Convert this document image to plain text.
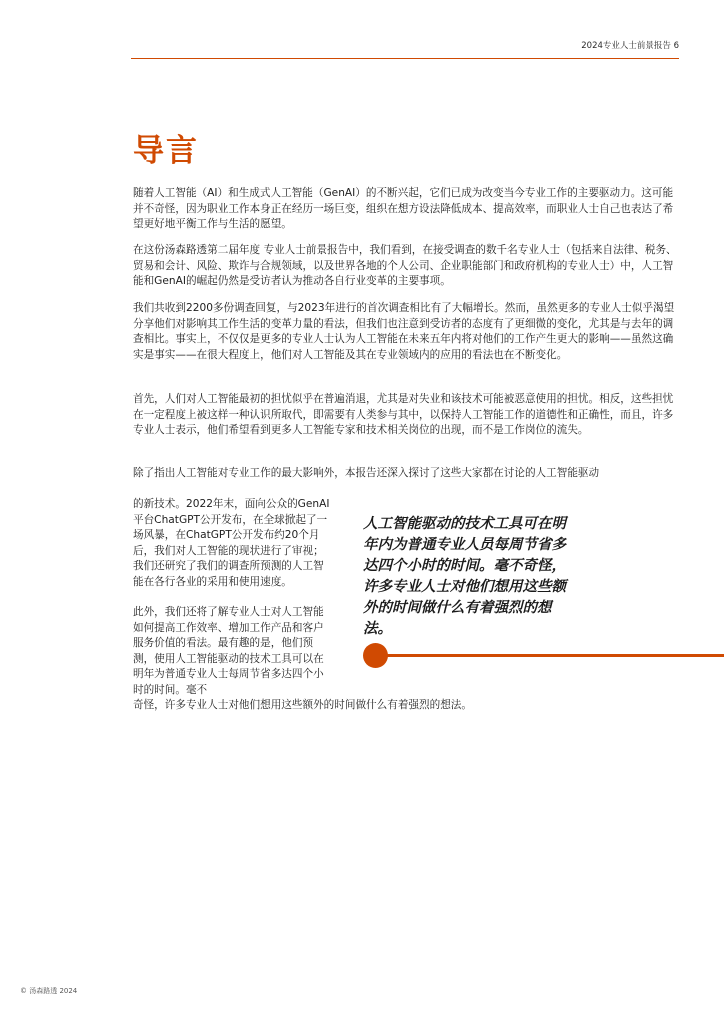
2024专业人士前景报告 6
导言

随着人工智能（AI）和生成式人工智能（GenAI）的不断兴起，它们已成为改变当今专业工作的主要驱动力。这可能并不奇怪，因为职业工作本身正在经历一场巨变，组织在想方设法降低成本、提高效率，而职业人士自己也表达了希望更好地平衡工作与生活的愿望。

在这份汤森路透第二届年度 专业人士前景报告中，我们看到，在接受调查的数千名专业人士（包括来自法律、税务、贸易和会计、风险、欺诈与合规领域，以及世界各地的个人公司、企业职能部门和政府机构的专业人士）中，人工智能和GenAI的崛起仍然是受访者认为推动各自行业变革的主要事项。

我们共收到2200多份调查回复，与2023年进行的首次调查相比有了大幅增长。然而，虽然更多的专业人士似乎渴望分享他们对影响其工作生活的变革力量的看法，但我们也注意到受访者的态度有了更细微的变化，尤其是与去年的调查相比。事实上，不仅仅是更多的专业人士认为人工智能在未来五年内将对他们的工作产生更大的影响——虽然这确实是事实——在很大程度上，他们对人工智能及其在专业领域内的应用的看法也在不断变化。

首先，人们对人工智能最初的担忧似乎在普遍消退，尤其是对失业和该技术可能被恶意使用的担忧。相反，这些担忧在一定程度上被这样一种认识所取代，即需要有人类参与其中，以保持人工智能工作的道德性和正确性，而且，许多专业人士表示，他们希望看到更多人工智能专家和技术相关岗位的出现，而不是工作岗位的流失。

除了指出人工智能对专业工作的最大影响外，本报告还深入探讨了这些大家都在讨论的人工智能驱动

的新技术。2022年末，面向公众的GenAI平台ChatGPT公开发布，在全球掀起了一场风暴，在ChatGPT公开发布约20个月后，我们对人工智能的现状进行了审视；我们还研究了我们的调查所预测的人工智能在各行各业的采用和使用速度。

此外，我们还将了解专业人士对人工智能如何提高工作效率、增加工作产品和客户服务价值的看法。最有趣的是，他们预测，使用人工智能驱动的技术工具可以在明年为普通专业人士每周节省多达四个小时的时间。毫不

奇怪，许多专业人士对他们想用这些额外的时间做什么有着强烈的想法。

人工智能驱动的技术工具可在明年内为普通专业人员每周节省多达四个小时的时间。毫不奇怪，许多专业人士对他们想用这些额外的时间做什么有着强烈的想法。

© 汤森路透 2024
